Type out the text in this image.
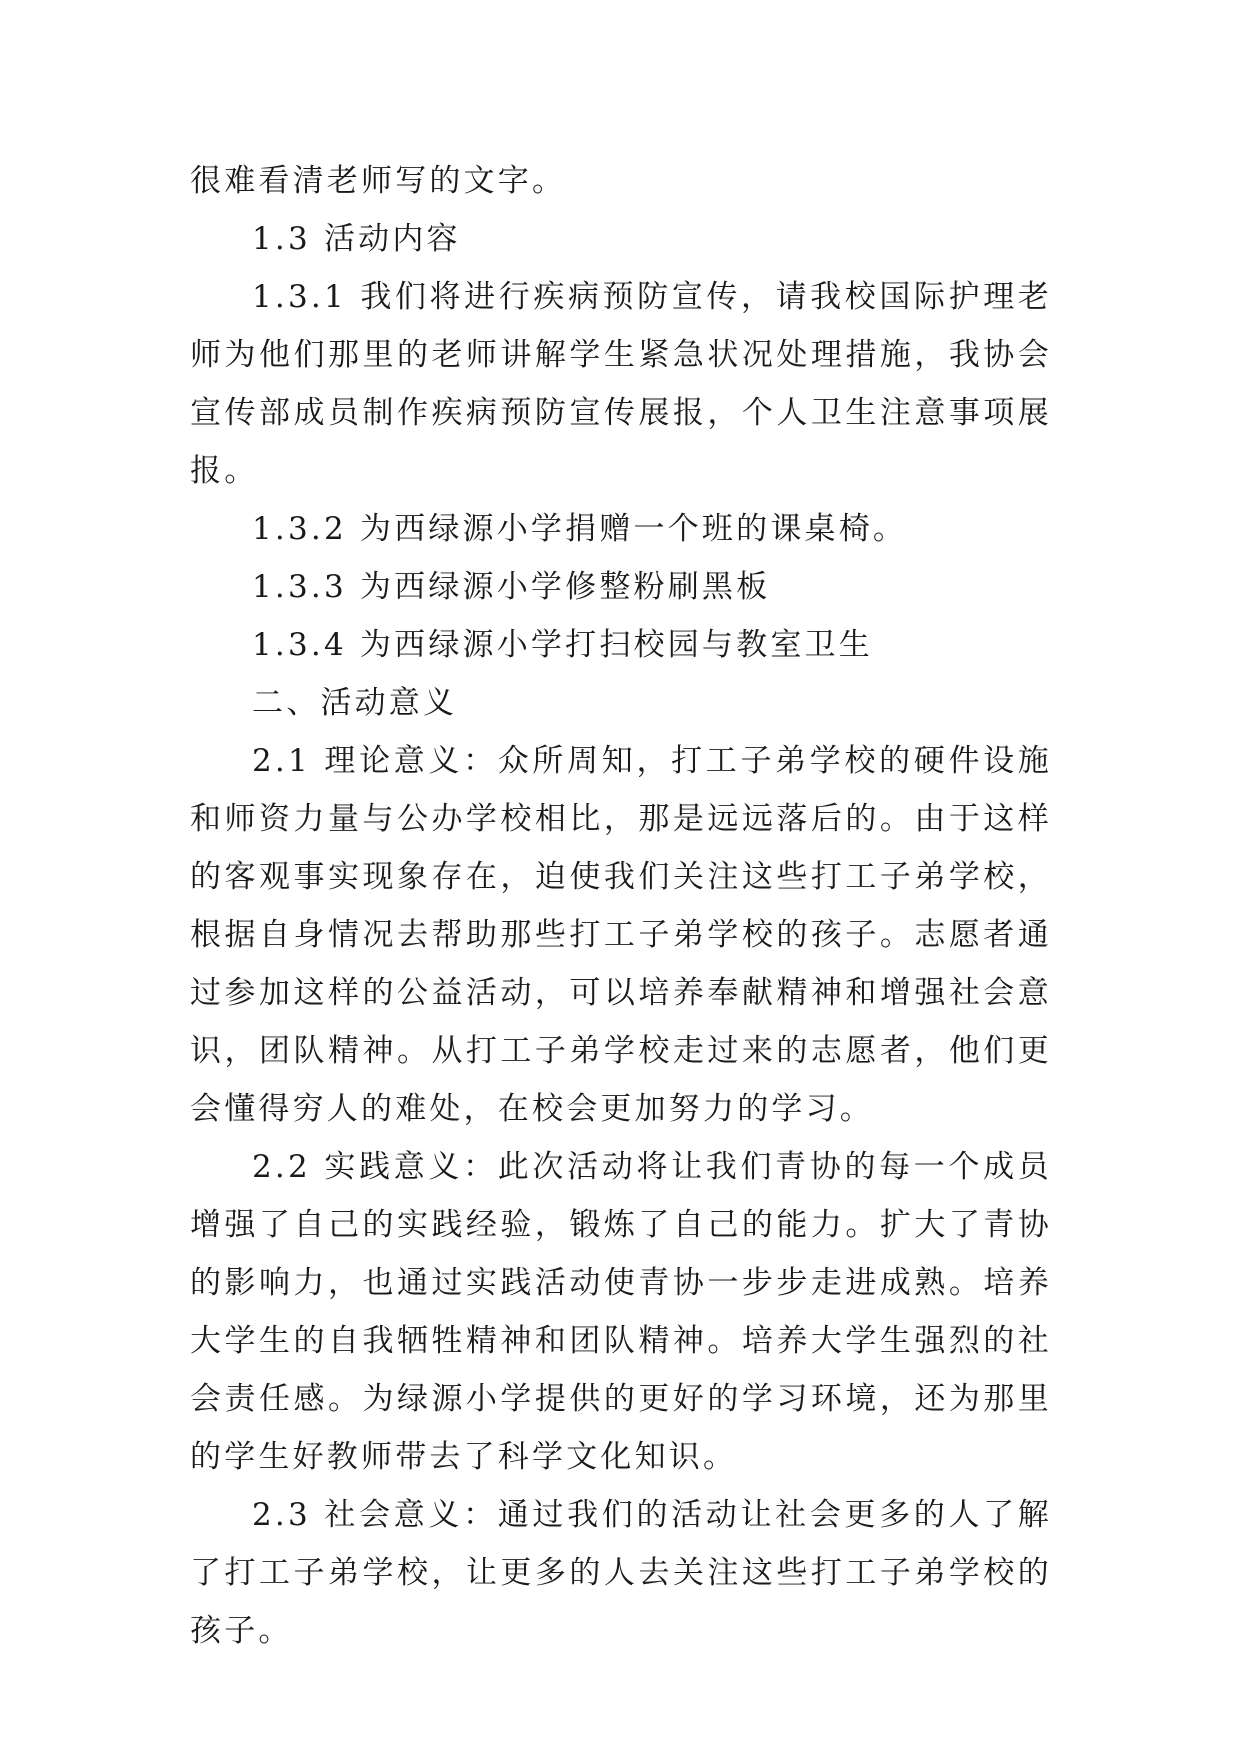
很难看清老师写的文字。

1.3 活动内容

1.3.1 我们将进行疾病预防宣传，请我校国际护理老师为他们那里的老师讲解学生紧急状况处理措施，我协会宣传部成员制作疾病预防宣传展报，个人卫生注意事项展报。

1.3.2 为西绿源小学捐赠一个班的课桌椅。

1.3.3 为西绿源小学修整粉刷黑板

1.3.4 为西绿源小学打扫校园与教室卫生

二、活动意义

2.1 理论意义：众所周知，打工子弟学校的硬件设施和师资力量与公办学校相比，那是远远落后的。由于这样的客观事实现象存在，迫使我们关注这些打工子弟学校，根据自身情况去帮助那些打工子弟学校的孩子。志愿者通过参加这样的公益活动，可以培养奉献精神和增强社会意识，团队精神。从打工子弟学校走过来的志愿者，他们更会懂得穷人的难处，在校会更加努力的学习。

2.2 实践意义：此次活动将让我们青协的每一个成员增强了自己的实践经验，锻炼了自己的能力。扩大了青协的影响力，也通过实践活动使青协一步步走进成熟。培养大学生的自我牺牲精神和团队精神。培养大学生强烈的社会责任感。为绿源小学提供的更好的学习环境，还为那里的学生好教师带去了科学文化知识。

2.3 社会意义：通过我们的活动让社会更多的人了解了打工子弟学校，让更多的人去关注这些打工子弟学校的孩子。
